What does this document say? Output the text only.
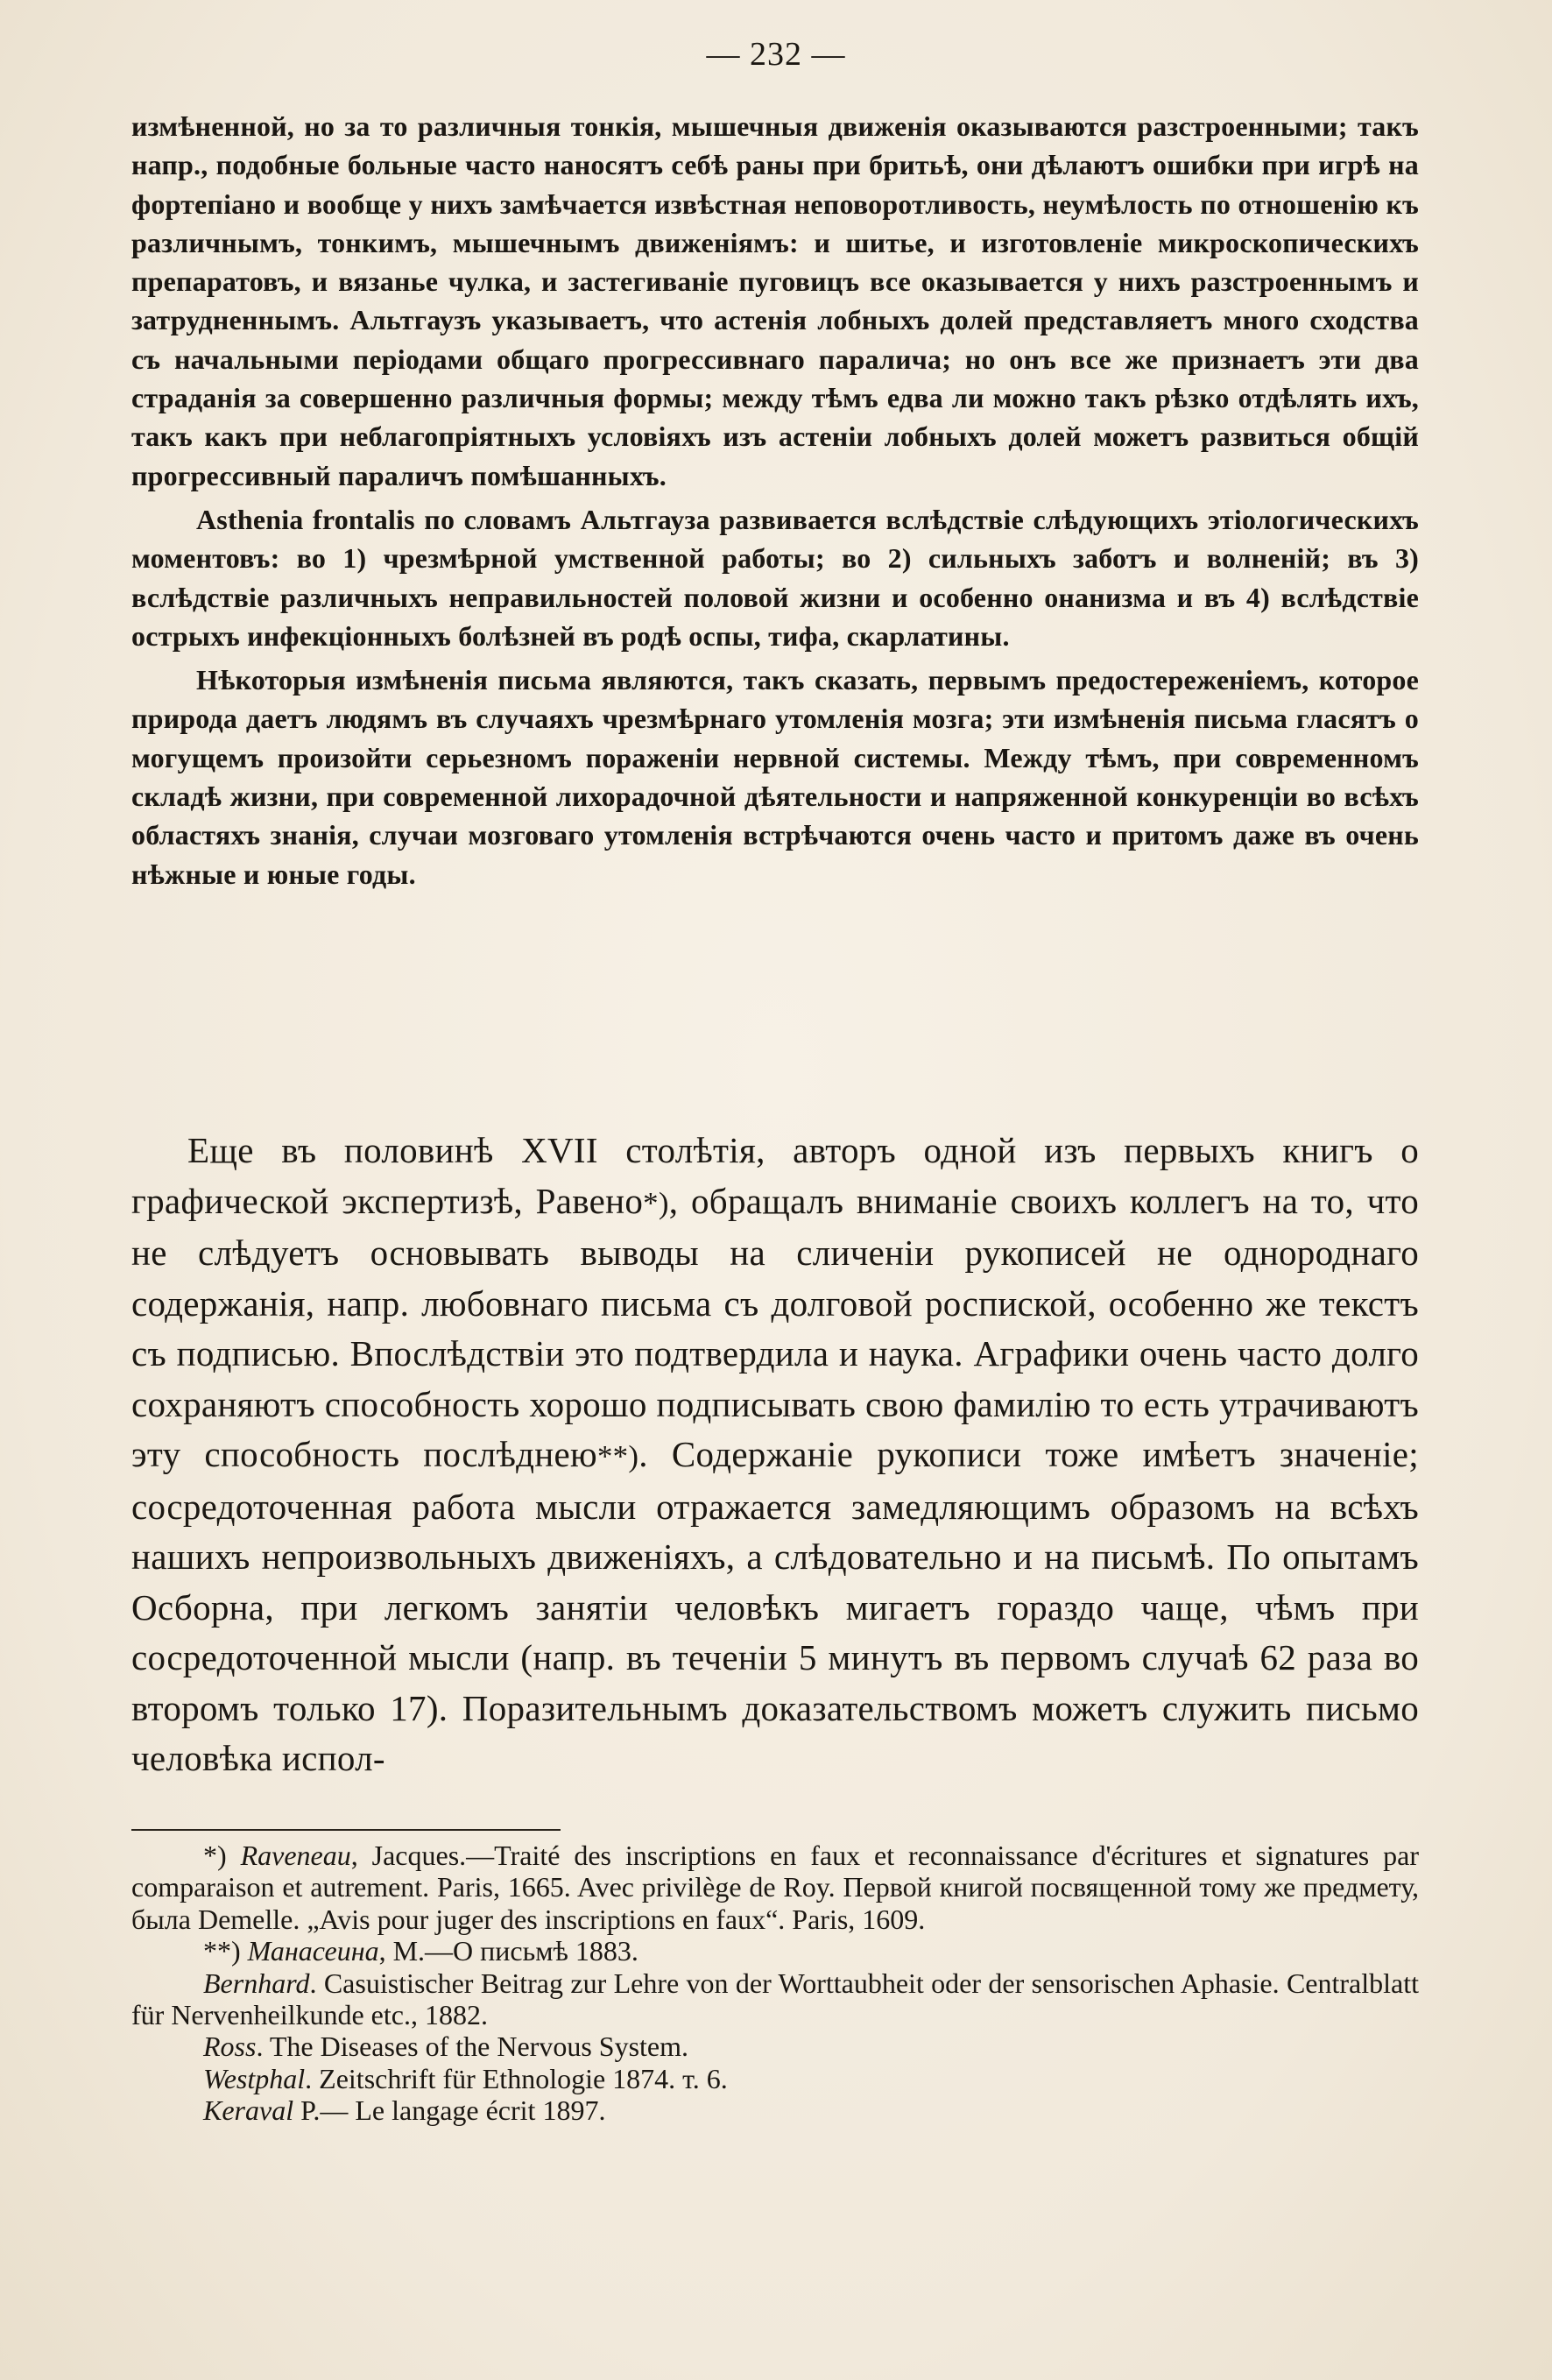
— 232 —

измѣненной, но за то различныя тонкія, мышечныя движенія оказываются разстроенными; такъ напр., подобные больные часто наносятъ себѣ раны при бритьѣ, они дѣлаютъ ошибки при игрѣ на фортепіано и вообще у нихъ замѣчается извѣстная неповоротливость, неумѣлость по отношенію къ различнымъ, тонкимъ, мышечнымъ движеніямъ: и шитье, и изготовленіе микроскопическихъ препаратовъ, и вязанье чулка, и застегиваніе пуговицъ все оказывается у нихъ разстроеннымъ и затрудненнымъ. Альтгаузъ указываетъ, что астенія лобныхъ долей представляетъ много сходства съ начальными періодами общаго прогрессивнаго паралича; но онъ все же признаетъ эти два страданія за совершенно различныя формы; между тѣмъ едва ли можно такъ рѣзко отдѣлять ихъ, такъ какъ при неблагопріятныхъ условіяхъ изъ астеніи лобныхъ долей можетъ развиться общій прогрессивный параличъ помѣшанныхъ.

Asthenia frontalis по словамъ Альтгауза развивается вслѣдствіе слѣдующихъ этіологическихъ моментовъ: во 1) чрезмѣрной умственной работы; во 2) сильныхъ заботъ и волненій; въ 3) вслѣдствіе различныхъ неправильностей половой жизни и особенно онанизма и въ 4) вслѣдствіе острыхъ инфекціонныхъ болѣзней въ родѣ оспы, тифа, скарлатины.

Нѣкоторыя измѣненія письма являются, такъ сказать, первымъ предостереженіемъ, которое природа даетъ людямъ въ случаяхъ чрезмѣрнаго утомленія мозга; эти измѣненія письма гласятъ о могущемъ произойти серьезномъ пораженіи нервной системы. Между тѣмъ, при современномъ складѣ жизни, при современной лихорадочной дѣятельности и напряженной конкуренціи во всѣхъ областяхъ знанія, случаи мозговаго утомленія встрѣчаются очень часто и притомъ даже въ очень нѣжные и юные годы.

Еще въ половинѣ XVII столѣтія, авторъ одной изъ первыхъ книгъ о графической экспертизѣ, Равено*), обращалъ вниманіе своихъ коллегъ на то, что не слѣдуетъ основывать выводы на сличеніи рукописей не однороднаго содержанія, напр. любовнаго письма съ долговой роспиской, особенно же текстъ съ подписью. Впослѣдствіи это подтвердила и наука. Аграфики очень часто долго сохраняютъ способность хорошо подписывать свою фамилію то есть утрачиваютъ эту способность послѣднею**). Содержаніе рукописи тоже имѣетъ значеніе; сосредоточенная работа мысли отражается замедляющимъ образомъ на всѣхъ нашихъ непроизвольныхъ движеніяхъ, а слѣдовательно и на письмѣ. По опытамъ Осборна, при легкомъ занятіи человѣкъ мигаетъ гораздо чаще, чѣмъ при сосредоточенной мысли (напр. въ теченіи 5 минутъ въ первомъ случаѣ 62 раза во второмъ только 17). Поразительнымъ доказательствомъ можетъ служить письмо человѣка испол-

*) Raveneau, Jacques.—Traité des inscriptions en faux et reconnaissance d'écritures et signatures par comparaison et autrement. Paris, 1665. Avec privilège de Roy. Первой книгой посвященной тому же предмету, была Demelle. „Avis pour juger des inscriptions en faux“. Paris, 1609.

**) Манасеина, М.—О письмѣ 1883.

Bernhard. Casuistischer Beitrag zur Lehre von der Worttaubheit oder der sensorischen Aphasie. Centralblatt für Nervenheilkunde etc., 1882.

Ross. The Diseases of the Nervous System.

Westphal. Zeitschrift für Ethnologie 1874. т. 6.

Keraval P.— Le langage écrit 1897.
